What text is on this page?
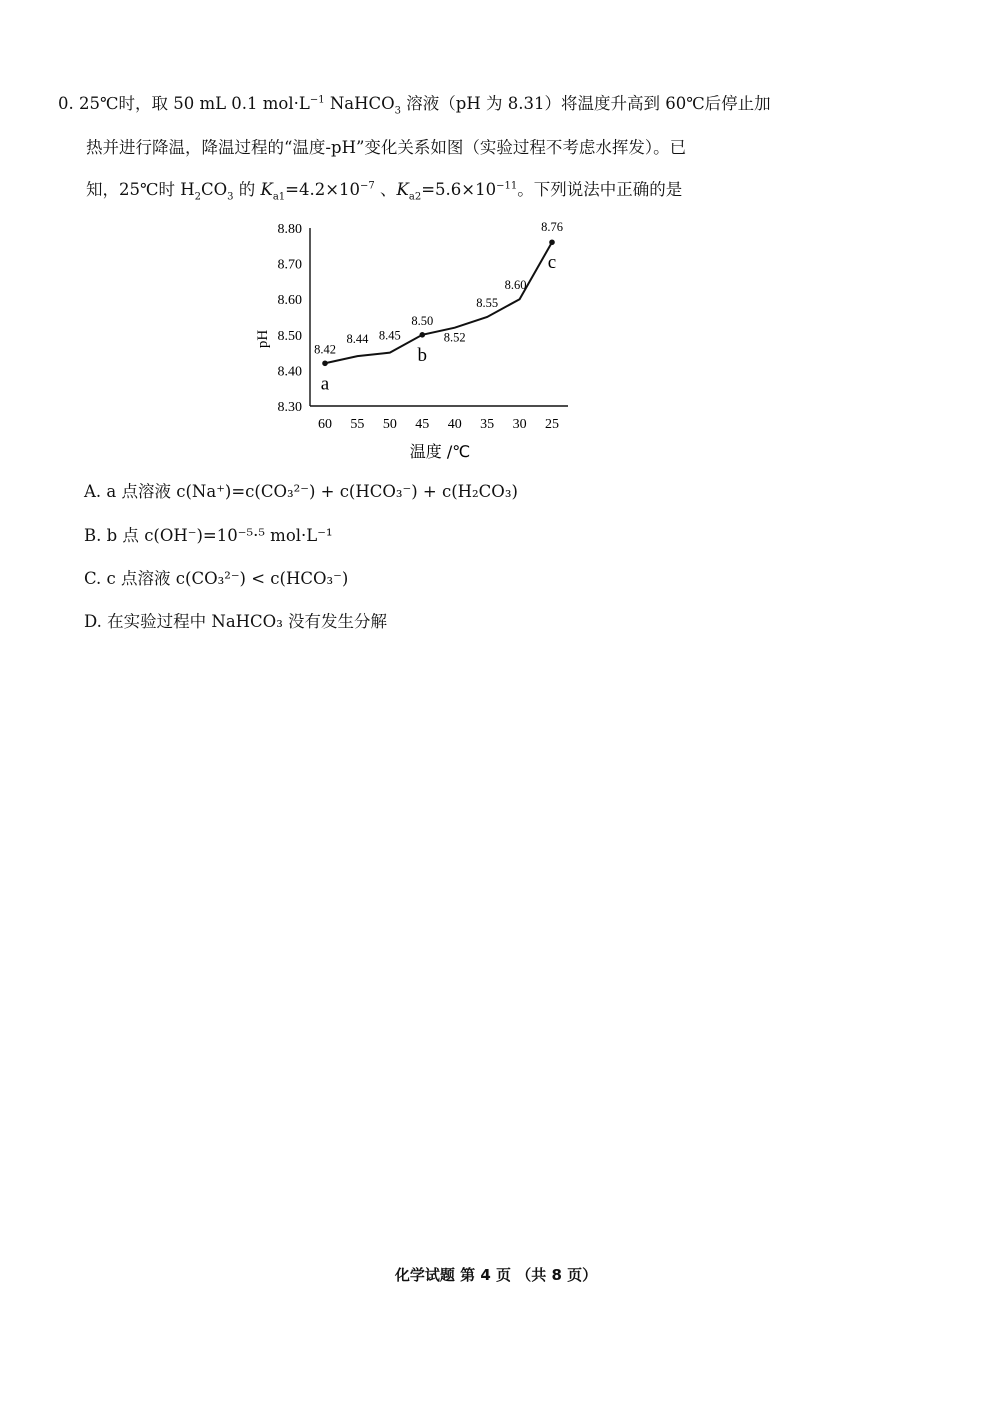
0. 25℃时，取 50 mL 0.1 $mol\cdot L^{-1}$ NaHCO$_3$ 溶液（pH 为 8.31）将温度升高到 60℃后停止加
热并进行降温，降温过程的“温度-pH”变化关系如图（实验过程不考虑水挥发）。已
知，25℃时 $H_2CO_3$ 的 $K_{a1}=4.2\times 10^{-7}$ 、$K_{a2}=5.6\times 10^{-11}$。下列说法中正确的是
8.80
8.70
8.60
8.50
8.40
8.30
60 55 50 45 40 35 30 25
8.42
8.44 8.45
8.50
8.52
8.55
8.60
8.76
a
b
c
pH
温度 /℃
A. a 点溶液 c(Na⁺)=c(CO₃²⁻) + c(HCO₃⁻) + c(H₂CO₃)
B. b 点 c(OH⁻)=10⁻⁵·⁵ mol·L⁻¹
C. c 点溶液 c(CO₃²⁻) < c(HCO₃⁻)
D. 在实验过程中 NaHCO₃ 没有发生分解
化学试题 第 4 页 （共 8 页）
